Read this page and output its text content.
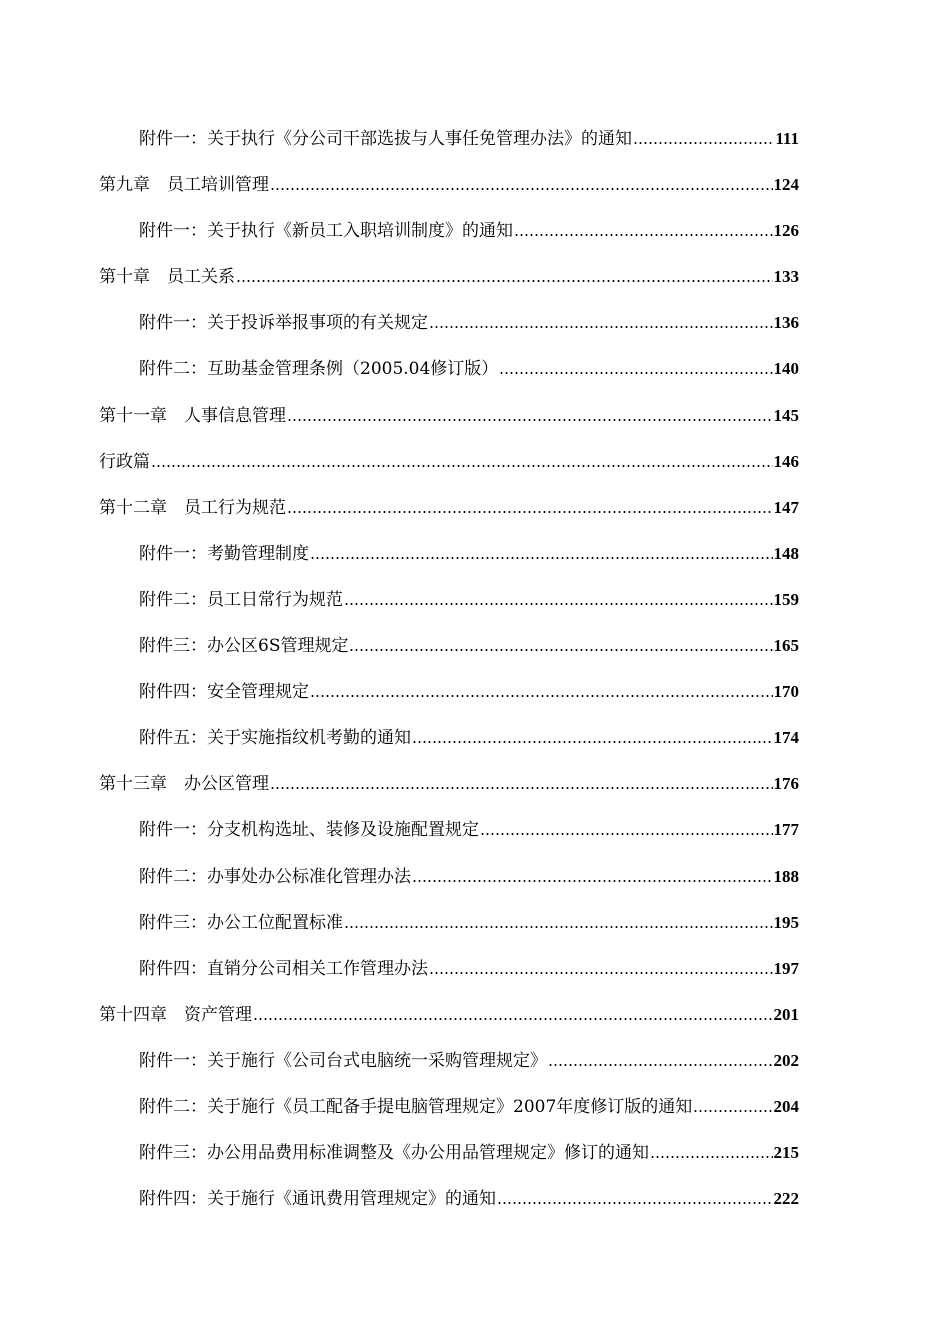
附件一：关于执行《分公司干部选拔与人事任免管理办法》的通知	111
第九章　员工培训管理	124
附件一：关于执行《新员工入职培训制度》的通知	126
第十章　员工关系	133
附件一：关于投诉举报事项的有关规定	136
附件二：互助基金管理条例（2005.04修订版）	140
第十一章　人事信息管理	145
行政篇	146
第十二章　员工行为规范	147
附件一：考勤管理制度	148
附件二：员工日常行为规范	159
附件三：办公区6S管理规定	165
附件四：安全管理规定	170
附件五：关于实施指纹机考勤的通知	174
第十三章　办公区管理	176
附件一：分支机构选址、装修及设施配置规定	177
附件二：办事处办公标准化管理办法	188
附件三：办公工位配置标准	195
附件四：直销分公司相关工作管理办法	197
第十四章　资产管理	201
附件一：关于施行《公司台式电脑统一采购管理规定》	202
附件二：关于施行《员工配备手提电脑管理规定》2007年度修订版的通知	204
附件三：办公用品费用标准调整及《办公用品管理规定》修订的通知	215
附件四：关于施行《通讯费用管理规定》的通知	222
